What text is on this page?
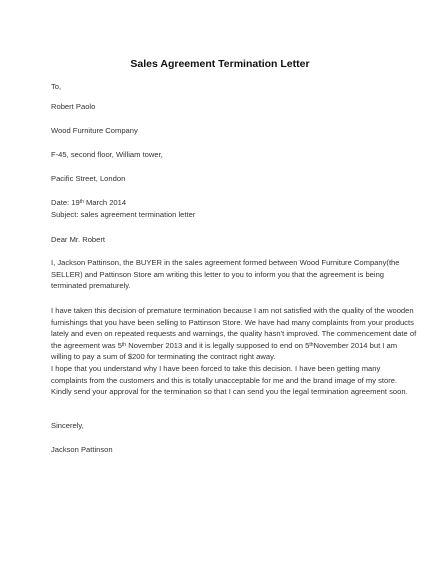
Sales Agreement Termination Letter
To,
Robert Paolo
Wood Furniture Company
F-45, second floor, William tower,
Pacific Street, London
Date: 19th March 2014
Subject: sales agreement termination letter
Dear Mr. Robert
I, Jackson Pattinson, the BUYER in the sales agreement formed between Wood Furniture Company(the
SELLER) and Pattinson Store am writing this letter to you to inform you that the agreement is being
terminated prematurely.
I have taken this decision of premature termination because I am not satisfied with the quality of the wooden
furnishings that you have been selling to Pattinson Store. We have had many complaints from your products
lately and even on repeated requests and warnings, the quality hasn't improved. The commencement date of
the agreement was 5th November 2013 and it is legally supposed to end on 5thNovember 2014 but I am
willing to pay a sum of $200 for terminating the contract right away.
I hope that you understand why I have been forced to take this decision. I have been getting many
complaints from the customers and this is totally unacceptable for me and the brand image of my store.
Kindly send your approval for the termination so that I can send you the legal termination agreement soon.
Sincerely,
Jackson Pattinson
